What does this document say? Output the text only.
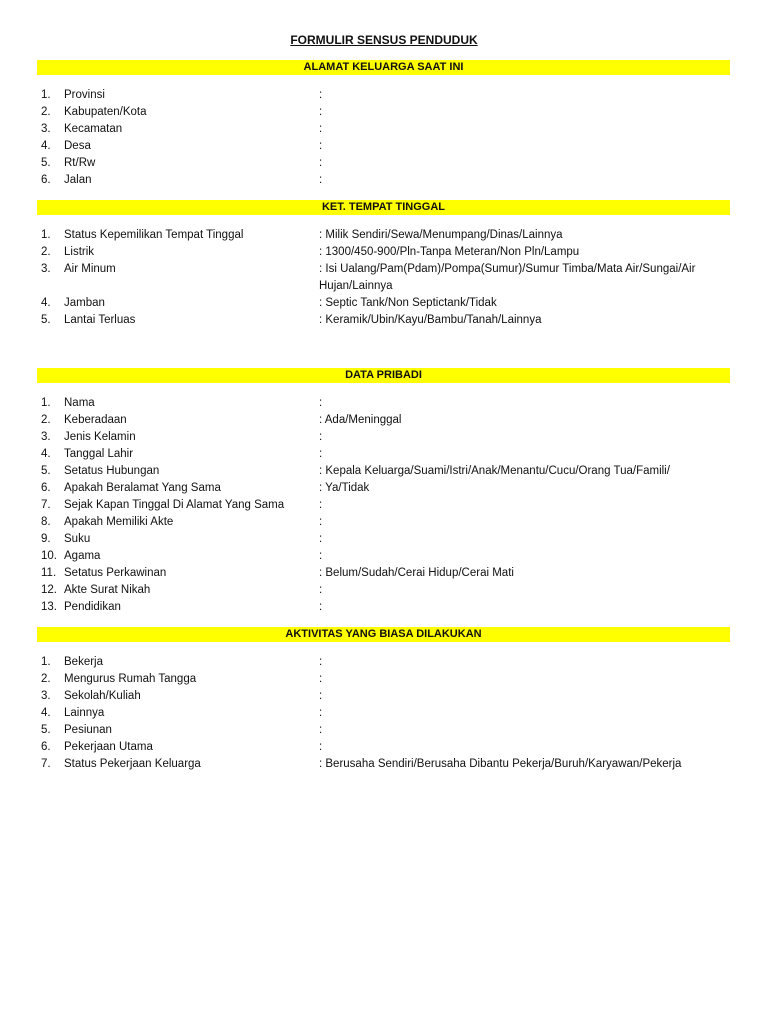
FORMULIR SENSUS PENDUDUK
ALAMAT KELUARGA SAAT INI
1. Provinsi	:
2. Kabupaten/Kota	:
3. Kecamatan	:
4. Desa	:
5. Rt/Rw	:
6. Jalan	:
KET. TEMPAT TINGGAL
1. Status Kepemilikan Tempat Tinggal	: Milik Sendiri/Sewa/Menumpang/Dinas/Lainnya
2. Listrik	: 1300/450-900/Pln-Tanpa Meteran/Non Pln/Lampu
3. Air Minum	: Isi Ualang/Pam(Pdam)/Pompa(Sumur)/Sumur Timba/Mata Air/Sungai/Air Hujan/Lainnya
4. Jamban	: Septic Tank/Non Septictank/Tidak
5. Lantai Terluas	: Keramik/Ubin/Kayu/Bambu/Tanah/Lainnya
DATA PRIBADI
1. Nama	:
2. Keberadaan	: Ada/Meninggal
3. Jenis Kelamin	:
4. Tanggal Lahir	:
5. Setatus Hubungan	: Kepala Keluarga/Suami/Istri/Anak/Menantu/Cucu/Orang Tua/Famili/
6. Apakah Beralamat Yang Sama	: Ya/Tidak
7. Sejak Kapan Tinggal Di Alamat Yang Sama	:
8. Apakah Memiliki Akte	:
9. Suku	:
10. Agama	:
11. Setatus Perkawinan	: Belum/Sudah/Cerai Hidup/Cerai Mati
12. Akte Surat Nikah	:
13. Pendidikan	:
AKTIVITAS YANG BIASA DILAKUKAN
1. Bekerja	:
2. Mengurus Rumah Tangga	:
3. Sekolah/Kuliah	:
4. Lainnya	:
5. Pesiunan	:
6. Pekerjaan Utama	:
7. Status Pekerjaan Keluarga	: Berusaha Sendiri/Berusaha Dibantu Pekerja/Buruh/Karyawan/Pekerja
